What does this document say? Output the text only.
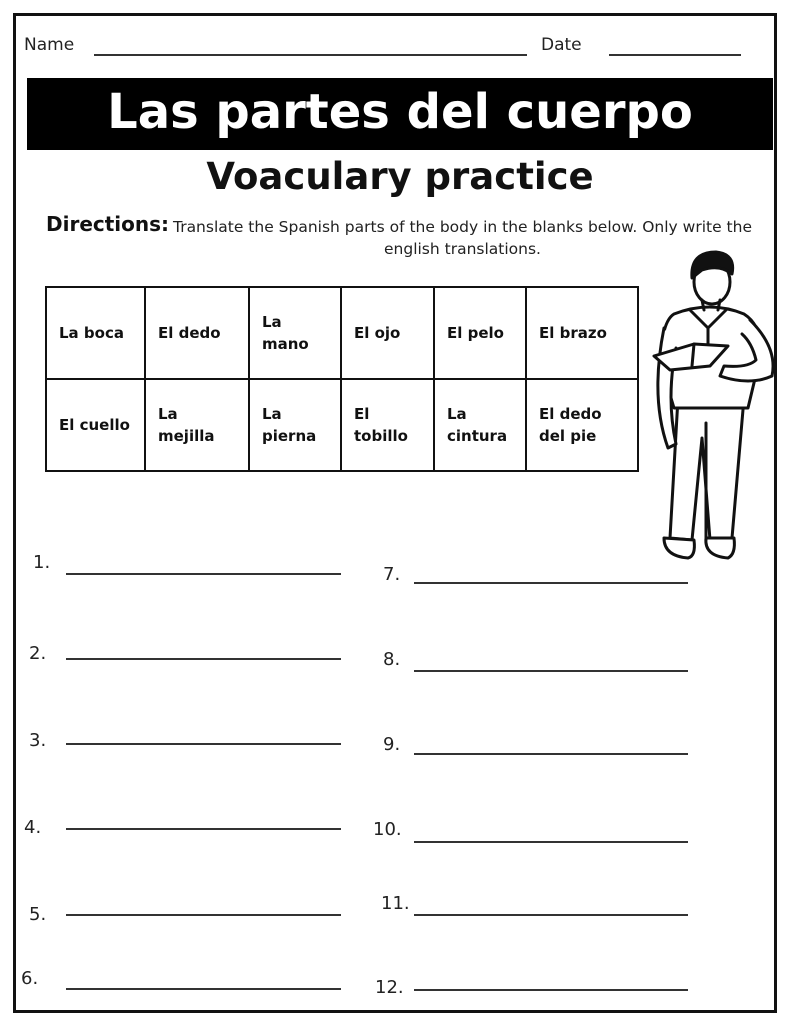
Name	Date
Las partes del cuerpo
Voaculary practice
Directions: Translate the Spanish parts of the body in the blanks below. Only write the english translations.
La boca	El dedo	La mano	El ojo	El pelo	El brazo
El cuello	La mejilla	La pierna	El tobillo	La cintura	El dedo del pie
1.
2.
3.
4.
5.
6.
7.
8.
9.
10.
11.
12.
